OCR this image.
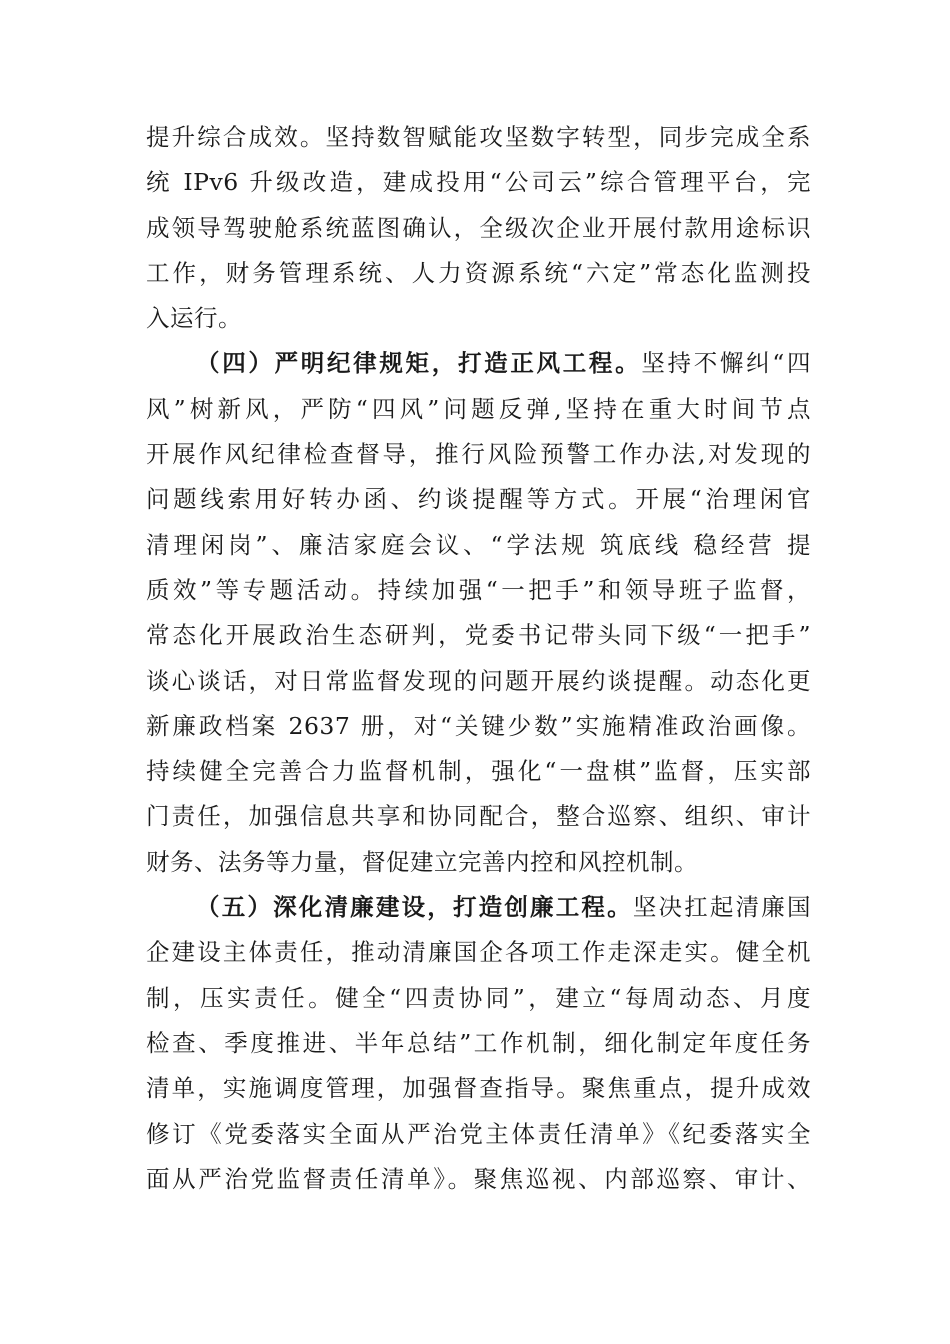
提升综合成效。坚持数智赋能攻坚数字转型，同步完成全系
统 IPv6 升级改造，建成投用“公司云”综合管理平台，完
成领导驾驶舱系统蓝图确认，全级次企业开展付款用途标识
工作，财务管理系统、人力资源系统“六定”常态化监测投
入运行。
（四）严明纪律规矩，打造正风工程。坚持不懈纠“四
风”树新风，严防“四风”问题反弹,坚持在重大时间节点
开展作风纪律检查督导，推行风险预警工作办法,对发现的
问题线索用好转办函、约谈提醒等方式。开展“治理闲官
清理闲岗”、廉洁家庭会议、“学法规 筑底线 稳经营 提
质效”等专题活动。持续加强“一把手”和领导班子监督，
常态化开展政治生态研判，党委书记带头同下级“一把手”
谈心谈话，对日常监督发现的问题开展约谈提醒。动态化更
新廉政档案 2637 册，对“关键少数”实施精准政治画像。
持续健全完善合力监督机制，强化“一盘棋”监督，压实部
门责任，加强信息共享和协同配合，整合巡察、组织、审计
财务、法务等力量，督促建立完善内控和风控机制。
（五）深化清廉建设，打造创廉工程。坚决扛起清廉国
企建设主体责任，推动清廉国企各项工作走深走实。健全机
制，压实责任。健全“四责协同”，建立“每周动态、月度
检查、季度推进、半年总结”工作机制，细化制定年度任务
清单，实施调度管理，加强督查指导。聚焦重点，提升成效
修订《党委落实全面从严治党主体责任清单》《纪委落实全
面从严治党监督责任清单》。聚焦巡视、内部巡察、审计、
